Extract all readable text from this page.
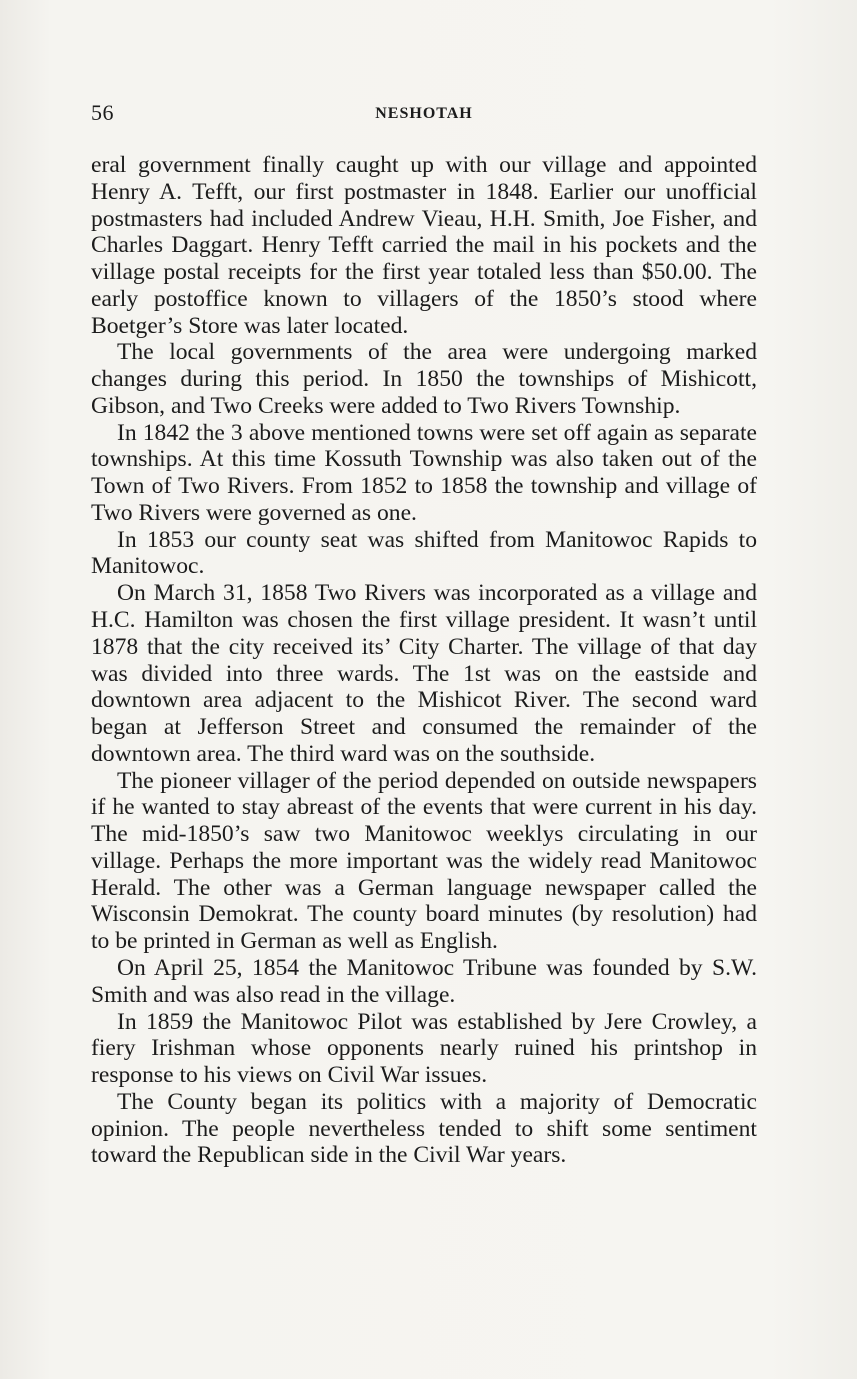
56	NESHOTAH

eral government finally caught up with our village and appointed Henry A. Tefft, our first postmaster in 1848. Earlier our unofficial postmasters had included Andrew Vieau, H.H. Smith, Joe Fisher, and Charles Daggart. Henry Tefft carried the mail in his pockets and the village postal receipts for the first year totaled less than $50.00. The early postoffice known to villagers of the 1850’s stood where Boetger’s Store was later located.

The local governments of the area were undergoing marked changes during this period. In 1850 the townships of Mishicott, Gibson, and Two Creeks were added to Two Rivers Township.

In 1842 the 3 above mentioned towns were set off again as separate townships. At this time Kossuth Township was also taken out of the Town of Two Rivers. From 1852 to 1858 the township and village of Two Rivers were governed as one.

In 1853 our county seat was shifted from Manitowoc Rapids to Manitowoc.

On March 31, 1858 Two Rivers was incorporated as a village and H.C. Hamilton was chosen the first village president. It wasn’t until 1878 that the city received its’ City Charter. The village of that day was divided into three wards. The 1st was on the eastside and downtown area adjacent to the Mishicot River. The second ward began at Jefferson Street and consumed the remainder of the downtown area. The third ward was on the southside.

The pioneer villager of the period depended on outside newspapers if he wanted to stay abreast of the events that were current in his day. The mid-1850’s saw two Manitowoc weeklys circulating in our village. Perhaps the more important was the widely read Manitowoc Herald. The other was a German language newspaper called the Wisconsin Demokrat. The county board minutes (by resolution) had to be printed in German as well as English.

On April 25, 1854 the Manitowoc Tribune was founded by S.W. Smith and was also read in the village.

In 1859 the Manitowoc Pilot was established by Jere Crowley, a fiery Irishman whose opponents nearly ruined his printshop in response to his views on Civil War issues.

The County began its politics with a majority of Democratic opinion. The people nevertheless tended to shift some sentiment toward the Republican side in the Civil War years.
